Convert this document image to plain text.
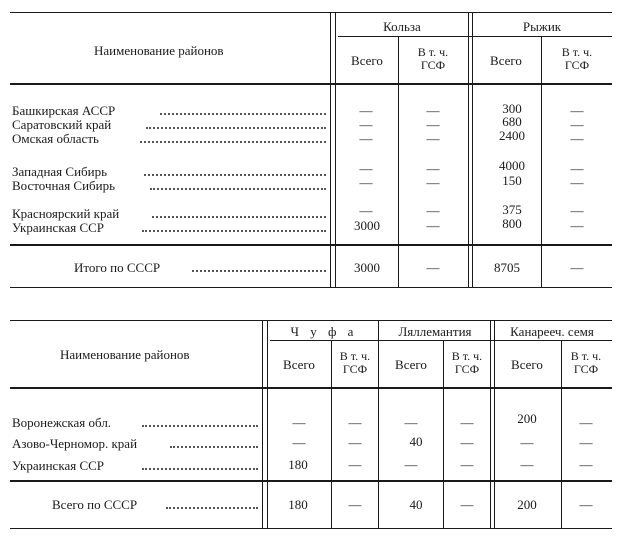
Наименование районов
Кольза	Рыжик
Всего
В т. ч.
ГСФ	Всего
В т. ч.
ГСФ
Башкирская АССР	—	—	300	—
Саратовский край	—	—	680	—
Омская область	—	—	2400	—
Западная Сибирь	—	—	4000	—
Восточная Сибирь	—	—	150	—
Красноярский край	—	—	375	—
Украинская ССР	3000	—	800	—
Итого по СССР	3000	—	8705	—
Наименование районов
Ч у ф а	Ляллемантия	Канарееч. семя
Всего
В т. ч.
ГСФ Всего
В т. ч.
ГСФ Всего
В т. ч.
ГСФ
Воронежская обл.	—	—	—	—	200	—
Азово-Черномор. край	—	—	40	—	—	—
Украинская ССР	180	—	—	—	—	—
Всего по СССР	180	—	40	—	200	—
